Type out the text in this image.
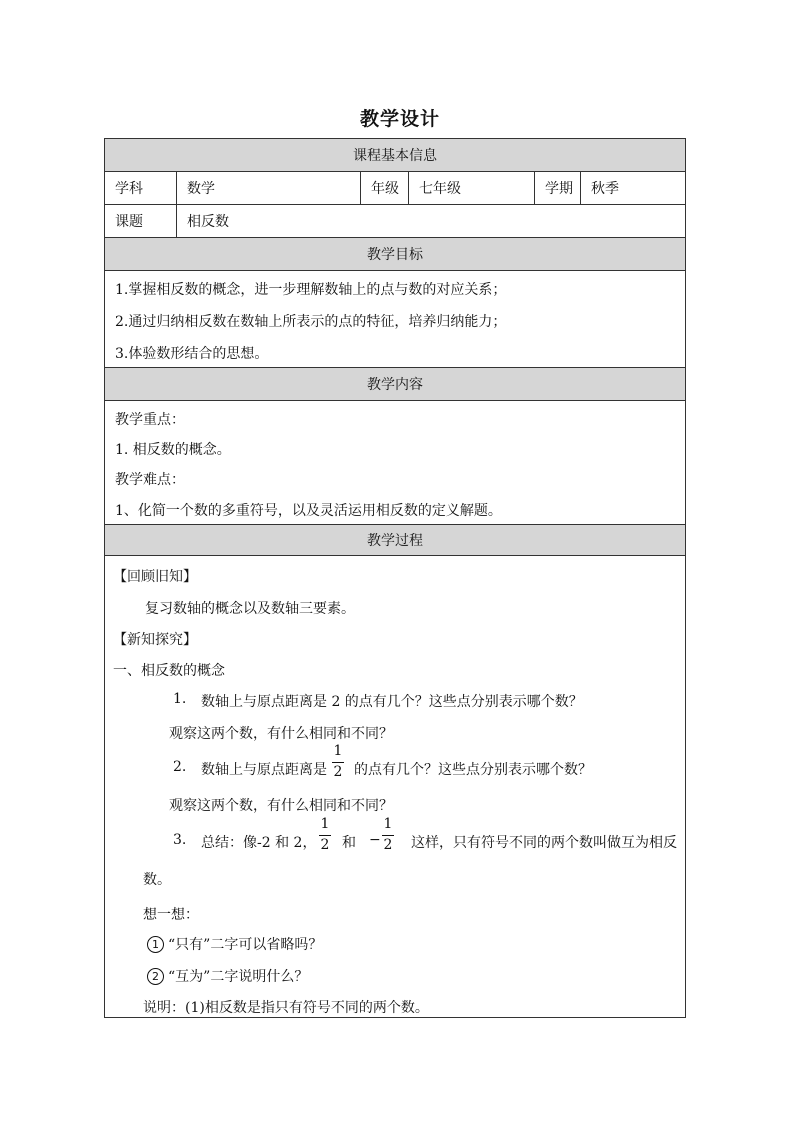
教学设计
课程基本信息
学科	数学	年级 七年级	学期 秋季
课题	相反数
教学目标
1.掌握相反数的概念，进一步理解数轴上的点与数的对应关系；
2.通过归纳相反数在数轴上所表示的点的特征，培养归纳能力；
3.体验数形结合的思想。
教学内容
教学重点：
1. 相反数的概念。
教学难点：
1、化简一个数的多重符号，以及灵活运用相反数的定义解题。
教学过程
【回顾旧知】
复习数轴的概念以及数轴三要素。
【新知探究】
一、相反数的概念
1. 数轴上与原点距离是 2 的点有几个？这些点分别表示哪个数？
观察这两个数，有什么相同和不同？
2. 数轴上与原点距离是
1
2 的点有几个？这些点分别表示哪个数？
观察这两个数，有什么相同和不同？
3. 总结：像-2 和 2，
1
2 和 −
1
2 这样，只有符号不同的两个数叫做互为相反
数。
想一想：
1 “只有”二字可以省略吗？
2 “互为”二字说明什么？
说明：(1)相反数是指只有符号不同的两个数。
